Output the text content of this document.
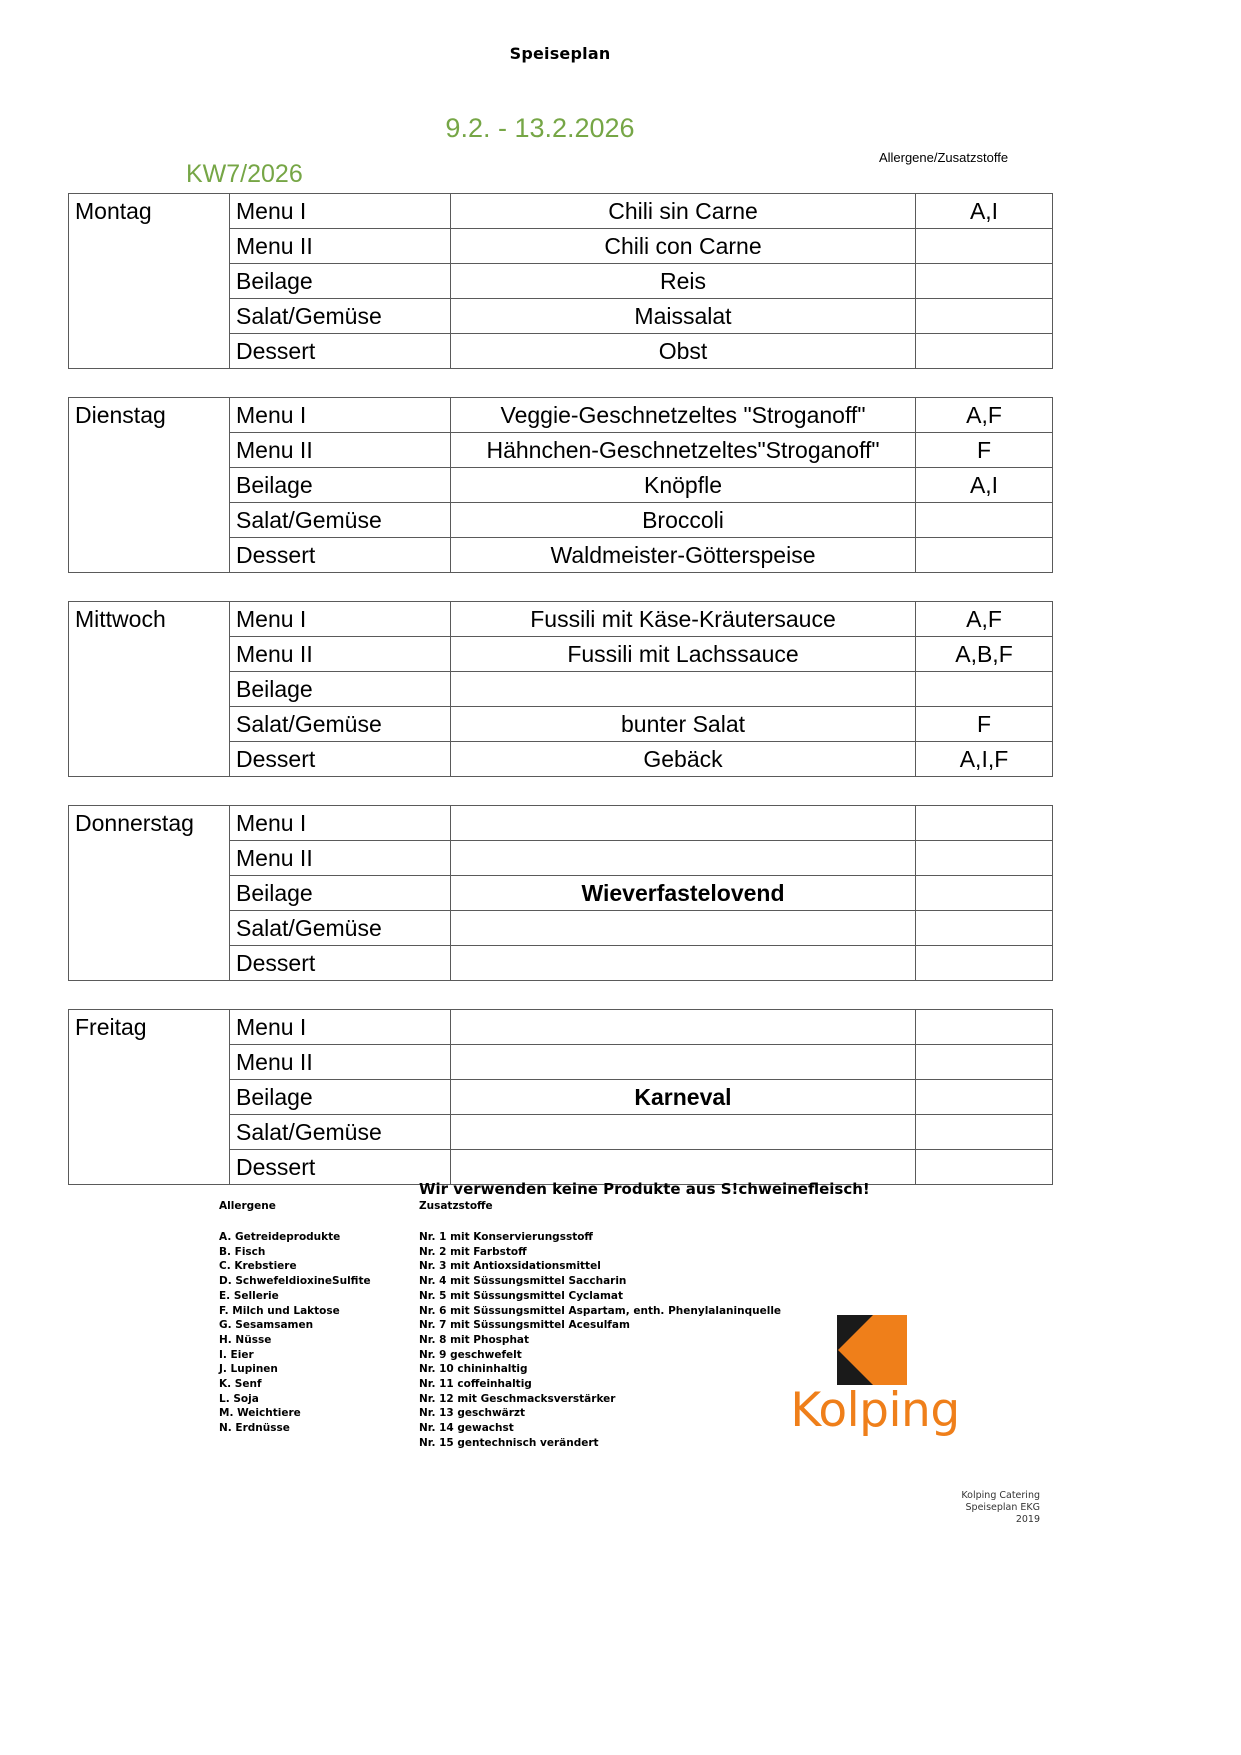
Speiseplan
9.2. - 13.2.2026
KW7/2026
Allergene/Zusatzstoffe
Montag	Menu I	Chili sin Carne	A,I
	Menu II	Chili con Carne	
	Beilage	Reis	
	Salat/Gemüse	Maissalat	
	Dessert	Obst	
Dienstag	Menu I	Veggie-Geschnetzeltes "Stroganoff"	A,F
	Menu II	Hähnchen-Geschnetzeltes"Stroganoff"	F
	Beilage	Knöpfle	A,I
	Salat/Gemüse	Broccoli	
	Dessert	Waldmeister-Götterspeise	
Mittwoch	Menu I	Fussili mit Käse-Kräutersauce	A,F
	Menu II	Fussili mit Lachssauce	A,B,F
	Beilage		
	Salat/Gemüse	bunter Salat	F
	Dessert	Gebäck	A,I,F
Donnerstag	Menu I		
	Menu II		
	Beilage	Wieverfastelovend	
	Salat/Gemüse		
	Dessert		
Freitag	Menu I		
	Menu II		
	Beilage	Karneval	
	Salat/Gemüse		
	Dessert		
Wir verwenden keine Produkte aus S!chweinefleisch!
Allergene
A. Getreideprodukte
B. Fisch
C. Krebstiere
D. SchwefeldioxineSulfite
E. Sellerie
F. Milch und Laktose
G. Sesamsamen
H. Nüsse
I. Eier
J. Lupinen
K. Senf
L. Soja
M. Weichtiere
N. Erdnüsse
Zusatzstoffe
Nr. 1 mit Konservierungsstoff
Nr. 2 mit Farbstoff
Nr. 3 mit Antioxsidationsmittel
Nr. 4 mit Süssungsmittel Saccharin
Nr. 5 mit Süssungsmittel Cyclamat
Nr. 6 mit Süssungsmittel Aspartam, enth. Phenylalaninquelle
Nr. 7 mit Süssungsmittel Acesulfam
Nr. 8 mit Phosphat
Nr. 9 geschwefelt
Nr. 10 chininhaltig
Nr. 11 coffeinhaltig
Nr. 12 mit Geschmacksverstärker
Nr. 13 geschwärzt
Nr. 14 gewachst
Nr. 15 gentechnisch verändert
Kolping
Kolping Catering
Speiseplan EKG
2019
